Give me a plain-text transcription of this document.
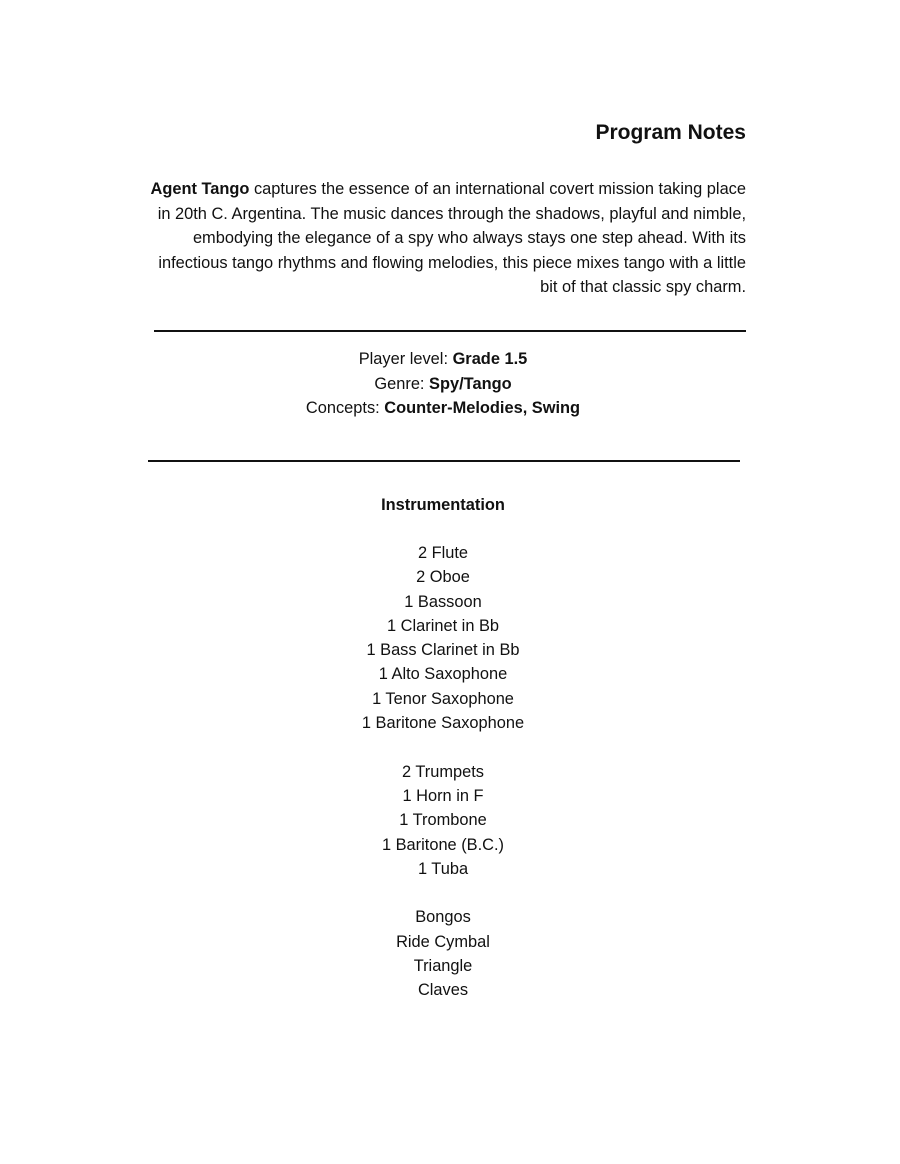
Program Notes

Agent Tango captures the essence of an international covert mission taking place in 20th C. Argentina. The music dances through the shadows, playful and nimble, embodying the elegance of a spy who always stays one step ahead. With its infectious tango rhythms and flowing melodies, this piece mixes tango with a little bit of that classic spy charm.

Player level: Grade 1.5
Genre: Spy/Tango
Concepts: Counter-Melodies, Swing
Instrumentation
2 Flute
2 Oboe
1 Bassoon
1 Clarinet in Bb
1 Bass Clarinet in Bb
1 Alto Saxophone
1 Tenor Saxophone
1 Baritone Saxophone
2 Trumpets
1 Horn in F
1 Trombone
1 Baritone (B.C.)
1 Tuba
Bongos
Ride Cymbal
Triangle
Claves
